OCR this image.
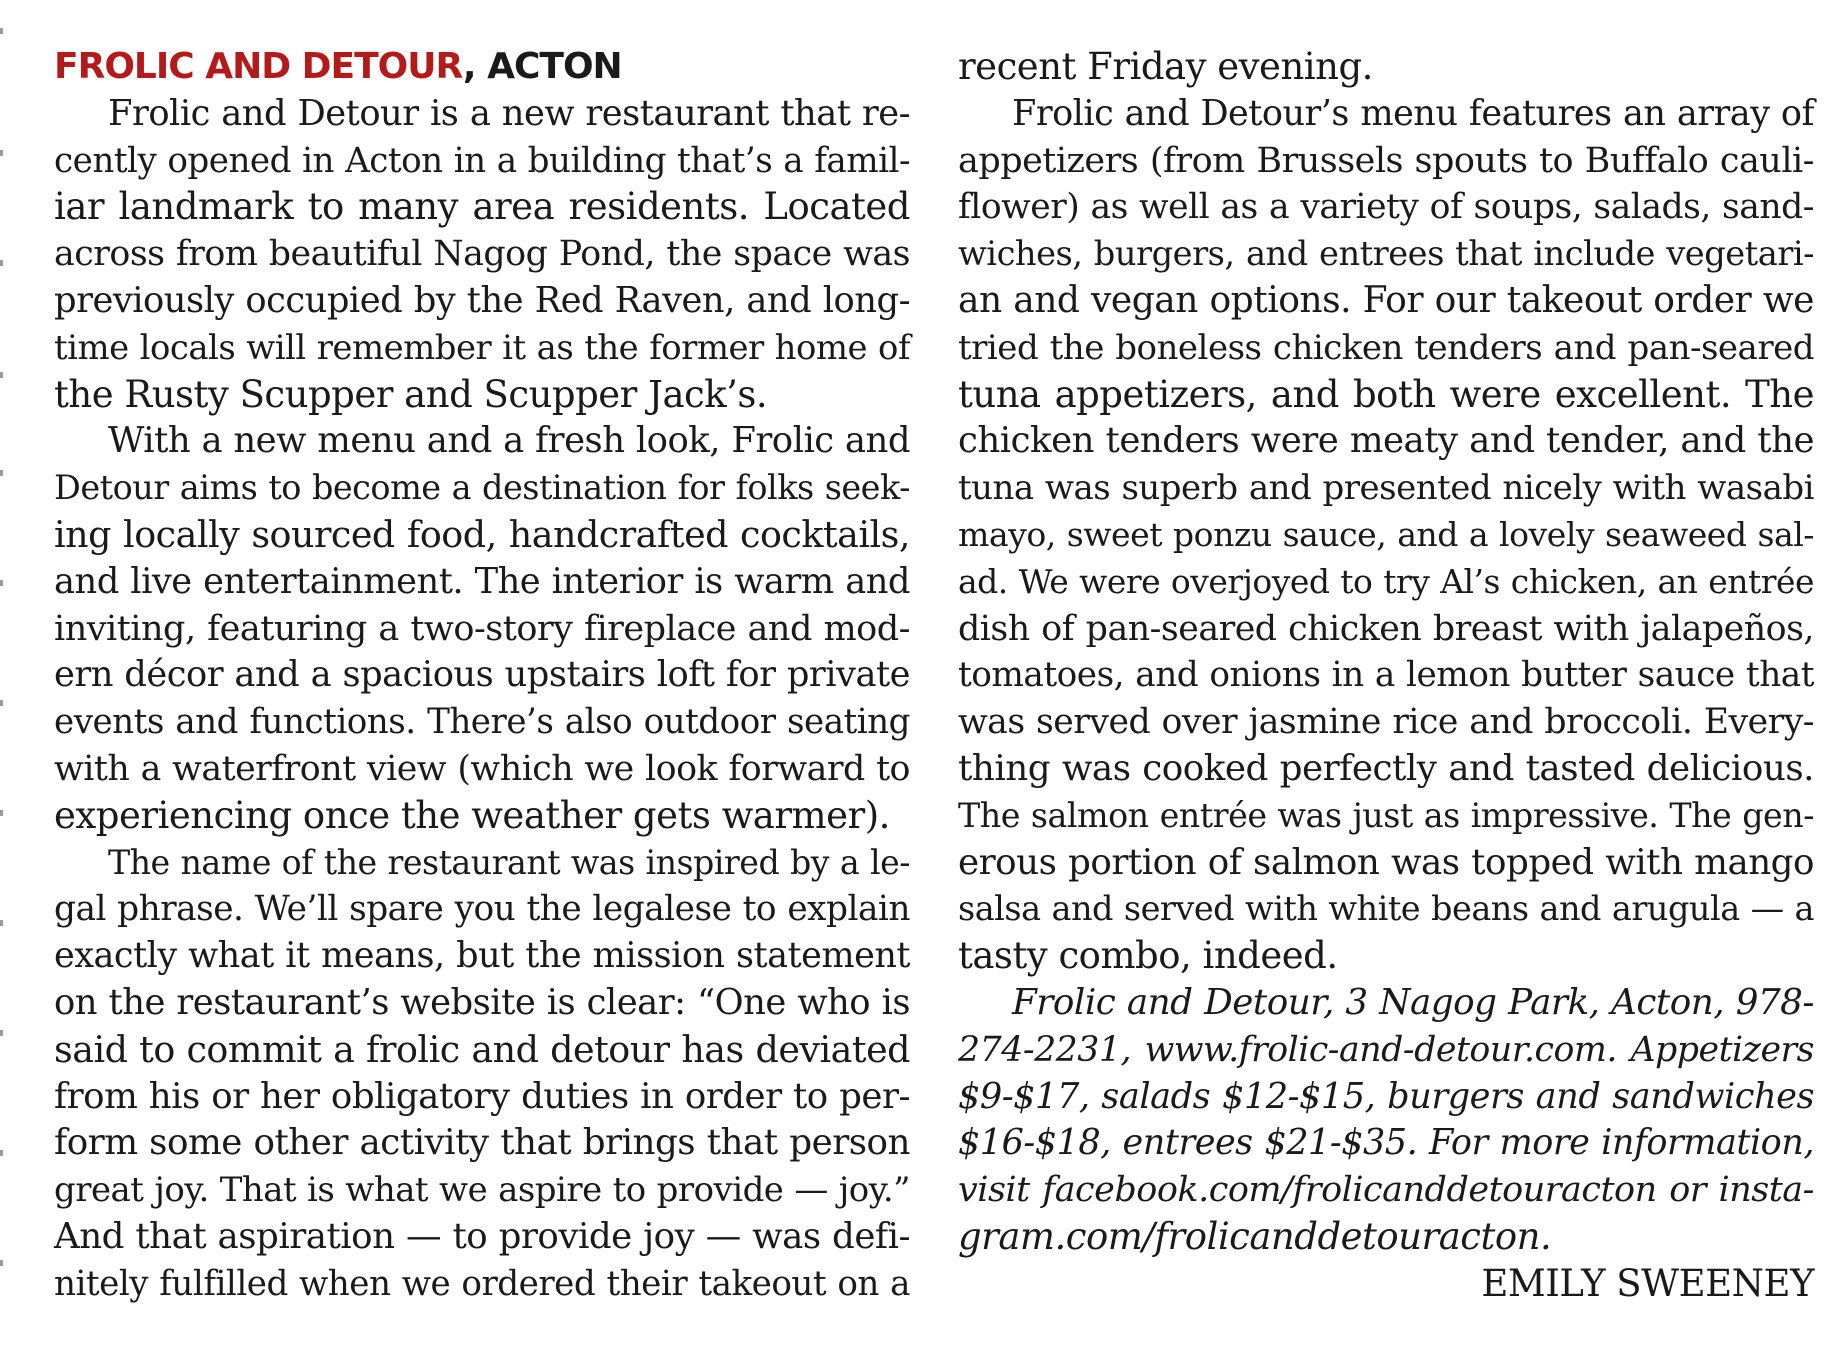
FROLIC AND DETOUR, ACTON
Frolic and Detour is a new restaurant that re-
cently opened in Acton in a building that’s a famil-
iar landmark to many area residents. Located
across from beautiful Nagog Pond, the space was
previously occupied by the Red Raven, and long-
time locals will remember it as the former home of
the Rusty Scupper and Scupper Jack’s.
With a new menu and a fresh look, Frolic and
Detour aims to become a destination for folks seek-
ing locally sourced food, handcrafted cocktails,
and live entertainment. The interior is warm and
inviting, featuring a two-story fireplace and mod-
ern décor and a spacious upstairs loft for private
events and functions. There’s also outdoor seating
with a waterfront view (which we look forward to
experiencing once the weather gets warmer).
The name of the restaurant was inspired by a le-
gal phrase. We’ll spare you the legalese to explain
exactly what it means, but the mission statement
on the restaurant’s website is clear: “One who is
said to commit a frolic and detour has deviated
from his or her obligatory duties in order to per-
form some other activity that brings that person
great joy. That is what we aspire to provide — joy.”
And that aspiration — to provide joy — was defi-
nitely fulfilled when we ordered their takeout on a
recent Friday evening.
Frolic and Detour’s menu features an array of
appetizers (from Brussels spouts to Buffalo cauli-
flower) as well as a variety of soups, salads, sand-
wiches, burgers, and entrees that include vegetari-
an and vegan options. For our takeout order we
tried the boneless chicken tenders and pan-seared
tuna appetizers, and both were excellent. The
chicken tenders were meaty and tender, and the
tuna was superb and presented nicely with wasabi
mayo, sweet ponzu sauce, and a lovely seaweed sal-
ad. We were overjoyed to try Al’s chicken, an entrée
dish of pan-seared chicken breast with jalapeños,
tomatoes, and onions in a lemon butter sauce that
was served over jasmine rice and broccoli. Every-
thing was cooked perfectly and tasted delicious.
The salmon entrée was just as impressive. The gen-
erous portion of salmon was topped with mango
salsa and served with white beans and arugula — a
tasty combo, indeed.
Frolic and Detour, 3 Nagog Park, Acton, 978-
274-2231, www.frolic-and-detour.com. Appetizers
$9-$17, salads $12-$15, burgers and sandwiches
$16-$18, entrees $21-$35. For more information,
visit facebook.com/frolicanddetouracton or insta-
gram.com/frolicanddetouracton.
EMILY SWEENEY
